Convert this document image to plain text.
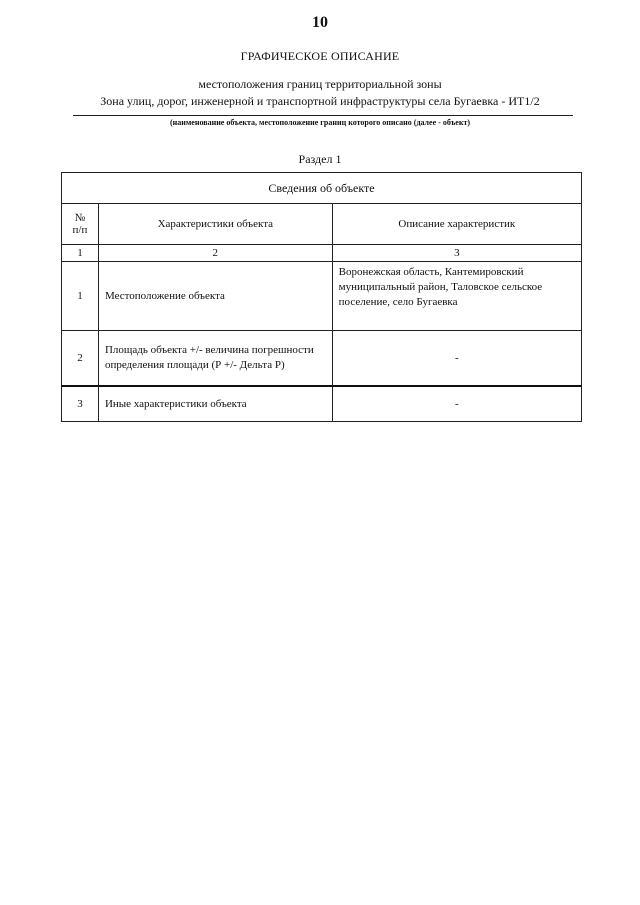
10
ГРАФИЧЕСКОЕ ОПИСАНИЕ
местоположения границ территориальной зоны
Зона улиц, дорог, инженерной и транспортной инфраструктуры села Бугаевка - ИТ1/2
(наименование объекта, местоположение границ которого описано (далее - объект)
Раздел 1
Сведения об объекте		
№
п/п	Характеристики объекта	Описание характеристик
1	2	3
1	Местоположение объекта	Воронежская область, Кантемировский муниципальный район, Таловское сельское поселение, село Бугаевка
2	Площадь объекта +/- величина погрешности определения площади (Р +/- Дельта Р)	-
3	Иные характеристики объекта	-
